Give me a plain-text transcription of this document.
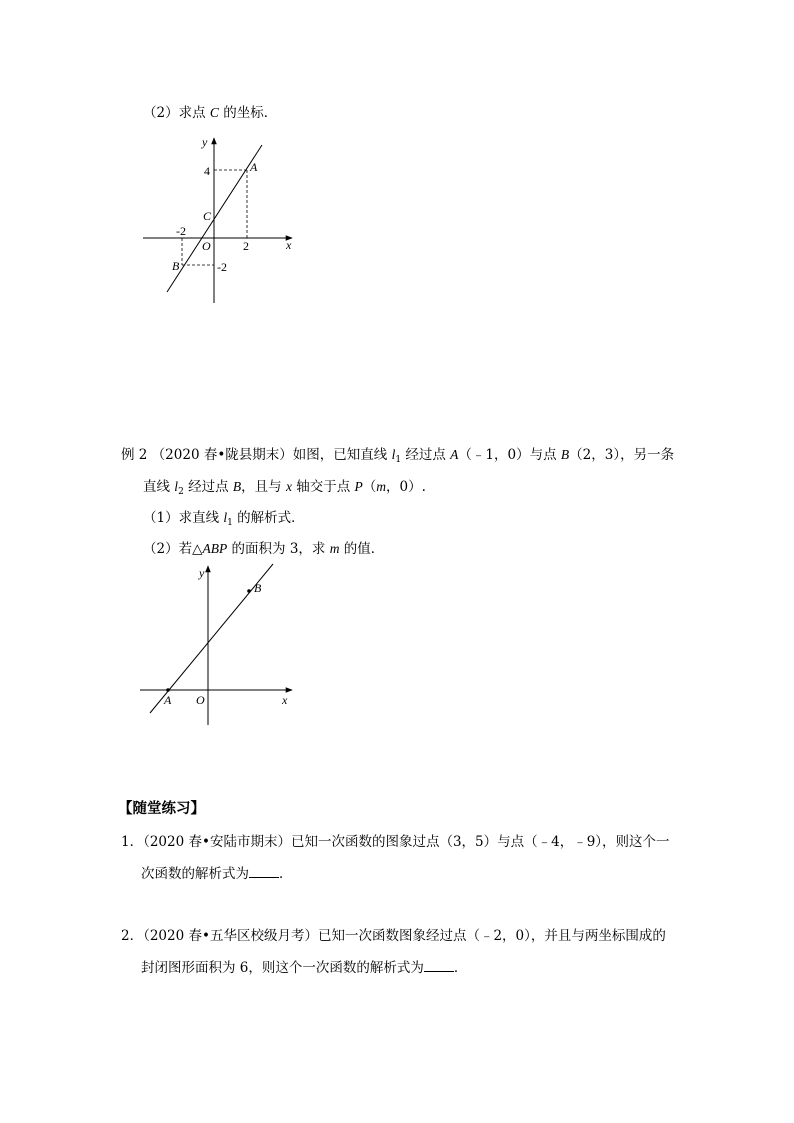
（2）求点 C 的坐标．
y
x
O
4
-2
2
-2
A
B
C
例 2 （2020 春•陇县期末）如图，已知直线 $l_1$ 经过点 A（﹣1，0）与点 B（2，3），另一条
直线 $l_2$ 经过点 B，且与 x 轴交于点 P（m，0）.
（1）求直线 $l_1$ 的解析式．
（2）若△ABP 的面积为 3，求 m 的值．
y
x
O
A
B
【随堂练习】
1．（2020 春•安陆市期末）已知一次函数的图象过点（3，5）与点（﹣4，﹣9），则这个一
次函数的解析式为 ．
2．（2020 春•五华区校级月考）已知一次函数图象经过点（﹣2，0），并且与两坐标围成的
封闭图形面积为 6，则这个一次函数的解析式为 ．
